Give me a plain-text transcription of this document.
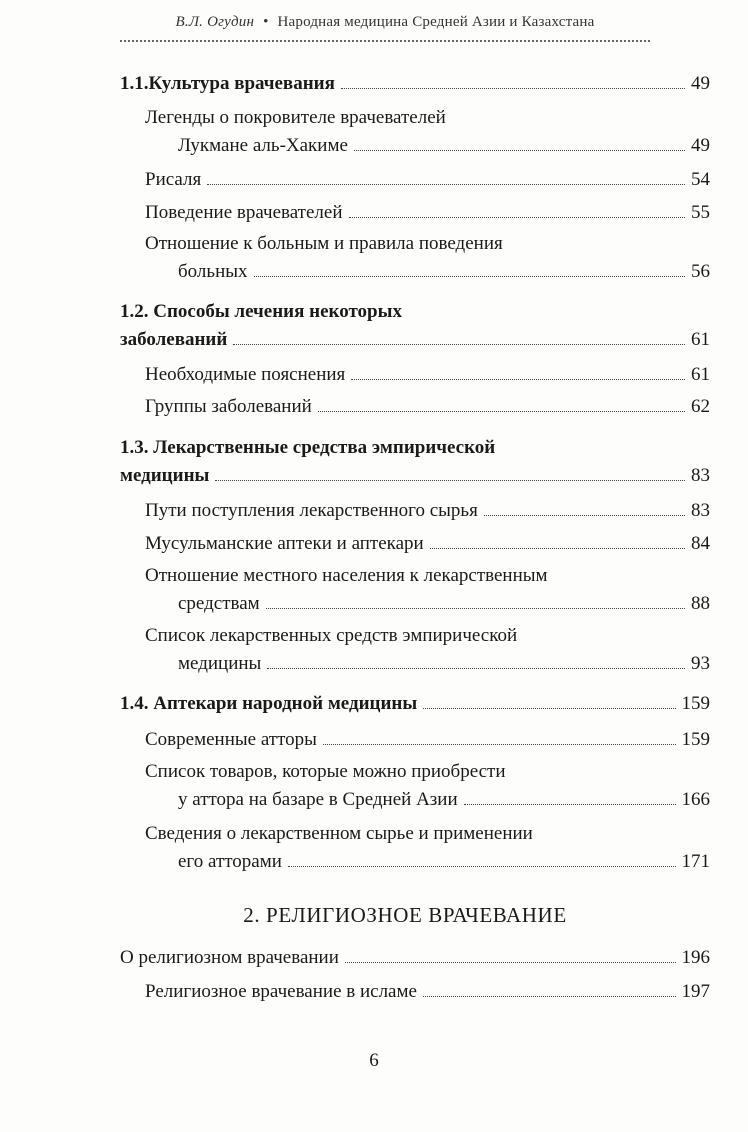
В.Л. Огудин • Народная медицина Средней Азии и Казахстана
1.1.Культура врачевания	49
Легенды о покровителе врачевателей
Лукмане аль-Хакиме	49
Рисаля	54
Поведение врачевателей	55
Отношение к больным и правила поведения
больных	56
1.2. Способы лечения некоторых
заболеваний	61
Необходимые пояснения	61
Группы заболеваний	62
1.3. Лекарственные средства эмпирической
медицины	83
Пути поступления лекарственного сырья	83
Мусульманские аптеки и аптекари	84
Отношение местного населения к лекарственным
средствам	88
Список лекарственных средств эмпирической
медицины	93
1.4. Аптекари народной медицины	159
Современные атторы	159
Список товаров, которые можно приобрести
у аттора на базаре в Средней Азии	166
Сведения о лекарственном сырье и применении
его атторами	171
2. РЕЛИГИОЗНОЕ ВРАЧЕВАНИЕ
О религиозном врачевании	196
Религиозное врачевание в исламе	197
6
